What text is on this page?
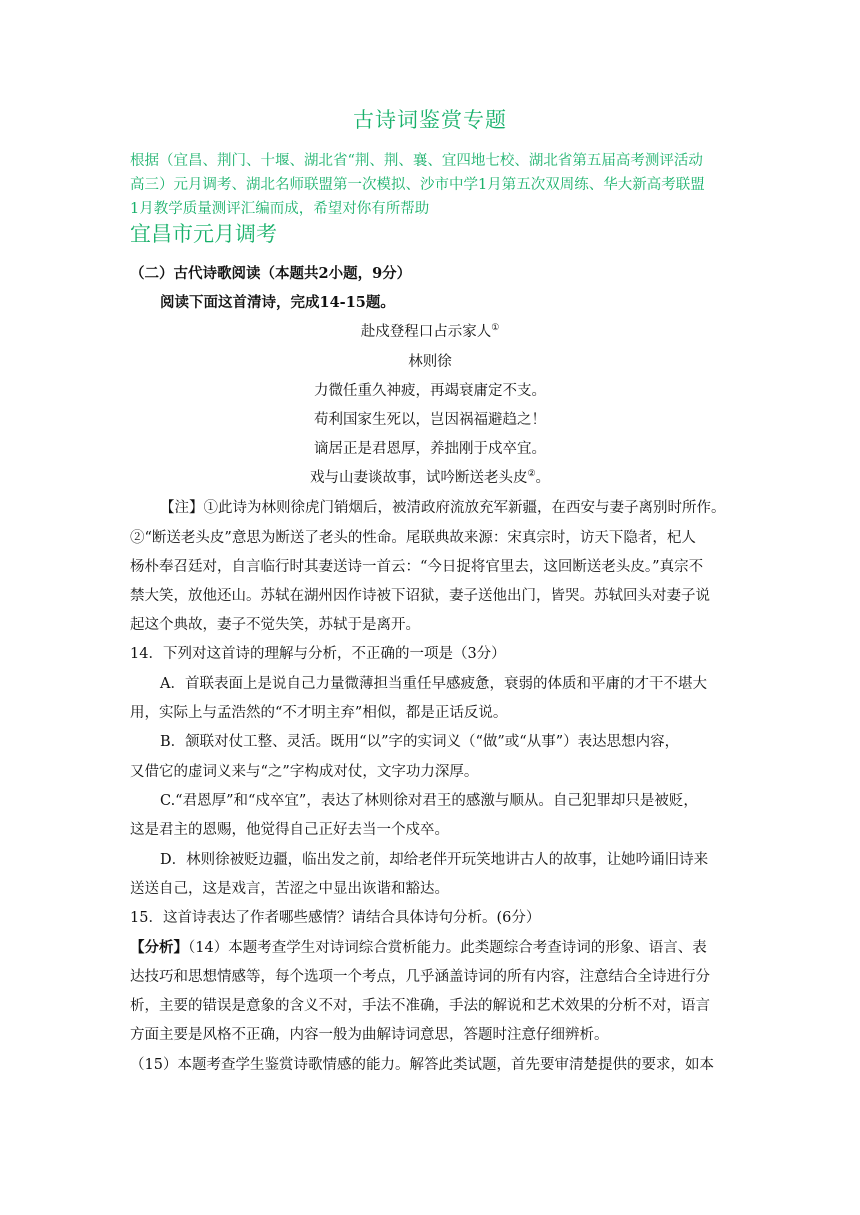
古诗词鉴赏专题
根据（宜昌、荆门、十堰、湖北省“荆、荆、襄、宜四地七校、湖北省第五届高考测评活动
高三）元月调考、湖北名师联盟第一次模拟、沙市中学1月第五次双周练、华大新高考联盟
1月教学质量测评汇编而成，希望对你有所帮助
宜昌市元月调考
（二）古代诗歌阅读（本题共2小题，9分）
阅读下面这首清诗，完成14-15题。
赴戍登程口占示家人①
林则徐
力微任重久神疲，再竭衰庸定不支。
苟利国家生死以，岂因祸福避趋之！
谪居正是君恩厚，养拙刚于戍卒宜。
戏与山妻谈故事，试吟断送老头皮②。
【注】①此诗为林则徐虎门销烟后，被清政府流放充军新疆，在西安与妻子离别时所作。
②“断送老头皮”意思为断送了老头的性命。尾联典故来源：宋真宗时，访天下隐者，杞人
杨朴奉召廷对，自言临行时其妻送诗一首云：“今日捉将官里去，这回断送老头皮。”真宗不
禁大笑，放他还山。苏轼在湖州因作诗被下诏狱，妻子送他出门，皆哭。苏轼回头对妻子说
起这个典故，妻子不觉失笑，苏轼于是离开。
14．下列对这首诗的理解与分析，不正确的一项是（3分）
A．首联表面上是说自己力量微薄担当重任早感疲惫，衰弱的体质和平庸的才干不堪大
用，实际上与孟浩然的“不才明主弃”相似，都是正话反说。
B．颔联对仗工整、灵活。既用“以”字的实词义（“做”或“从事”）表达思想内容，
又借它的虚词义来与“之”字构成对仗，文字功力深厚。
C.“君恩厚”和“戍卒宜”，表达了林则徐对君王的感激与顺从。自己犯罪却只是被贬，
这是君主的恩赐，他觉得自己正好去当一个戍卒。
D．林则徐被贬边疆，临出发之前，却给老伴开玩笑地讲古人的故事，让她吟诵旧诗来
送送自己，这是戏言，苦涩之中显出诙谐和豁达。
15．这首诗表达了作者哪些感情？请结合具体诗句分析。(6分）
【分析】（14）本题考查学生对诗词综合赏析能力。此类题综合考查诗词的形象、语言、表
达技巧和思想情感等，每个选项一个考点，几乎涵盖诗词的所有内容，注意结合全诗进行分
析，主要的错误是意象的含义不对，手法不准确，手法的解说和艺术效果的分析不对，语言
方面主要是风格不正确，内容一般为曲解诗词意思，答题时注意仔细辨析。
（15）本题考查学生鉴赏诗歌情感的能力。解答此类试题，首先要审清楚提供的要求，如本
